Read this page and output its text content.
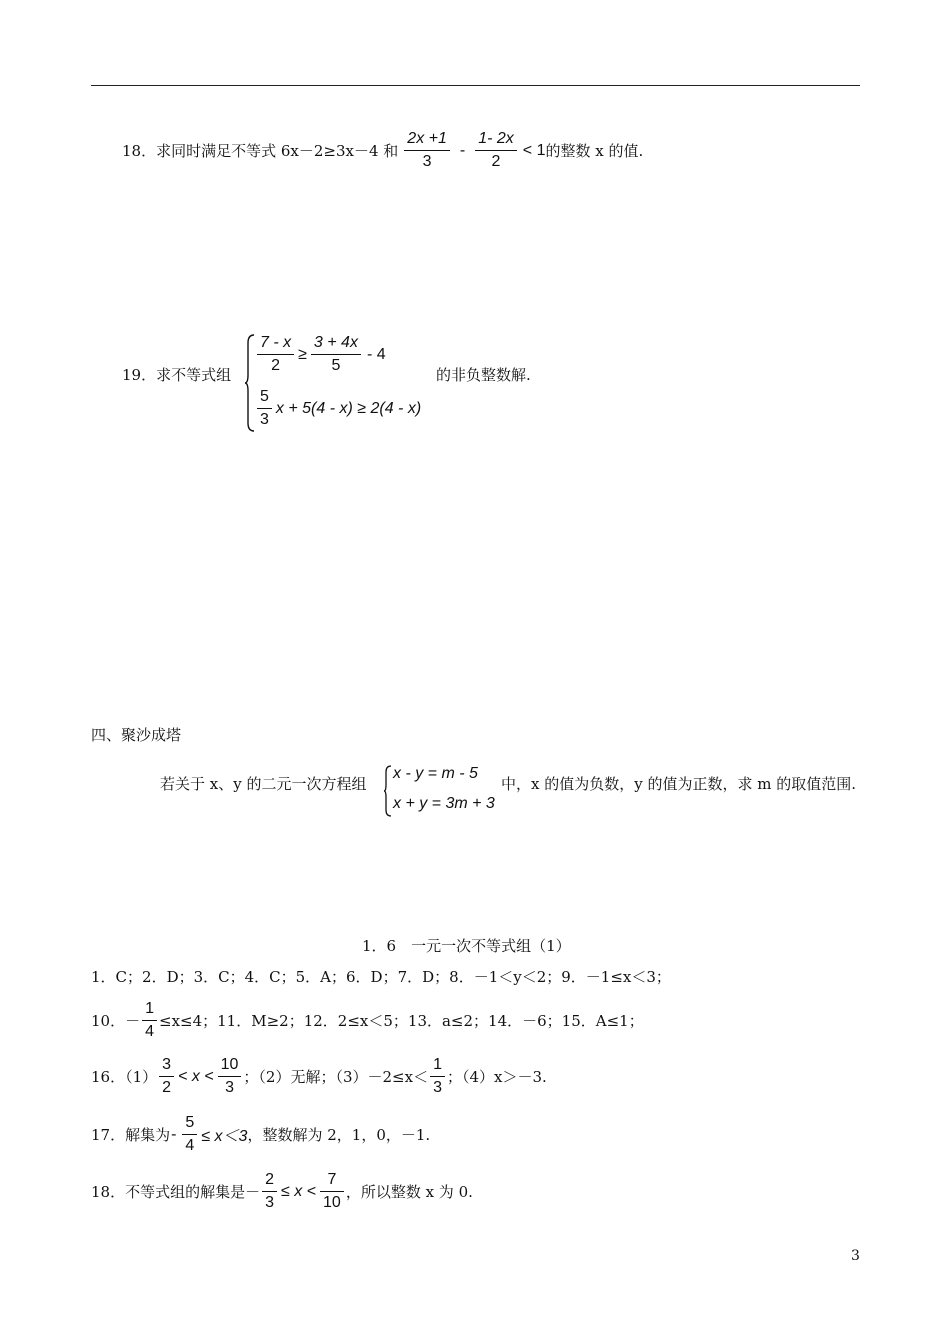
18．求同时满足不等式 6x－2≥3x－4 和 $\frac{2x +1}{3} - \frac{1- 2x}{2} < 1$ 的整数 x 的值.
19．求不等式组 $\frac{7 - x}{2} \ge \frac{3 + 4x}{5} - 4$
$\frac{5}{3}$ x + 5(4 - x) ≥ 2(4 - x)
的非负整数解.
四、聚沙成塔
若关于 x、y 的二元一次方程组
x - y = m - 5
x + y = 3m + 3
中，x 的值为负数，y 的值为正数，求 m 的取值范围.
1．6　一元一次不等式组（1）
1．C；2．D；3．C；4．C；5．A；6．D；7．D；8．－1＜y＜2；9．－1≤x＜3；
10．－ $\frac{1}{4} \le x\le 4$；11．M≥2；12．2≤x＜5；13．a≤2；14．－6；15．A≤1；
16．$(1) \frac{3}{2} < x < \frac{10}{3}$ ；（2）无解；$(3)-2\le x< \frac{1}{3}$ ；（4）x＞－3.
17．解集为 - $\frac{5}{4} \le x<3$ ，整数解为 2，1，0，－1.
18．不等式组的解集是－ $\frac{2}{3} \le x < \frac{7}{10}$ ，所以整数 x 为 0.
3
